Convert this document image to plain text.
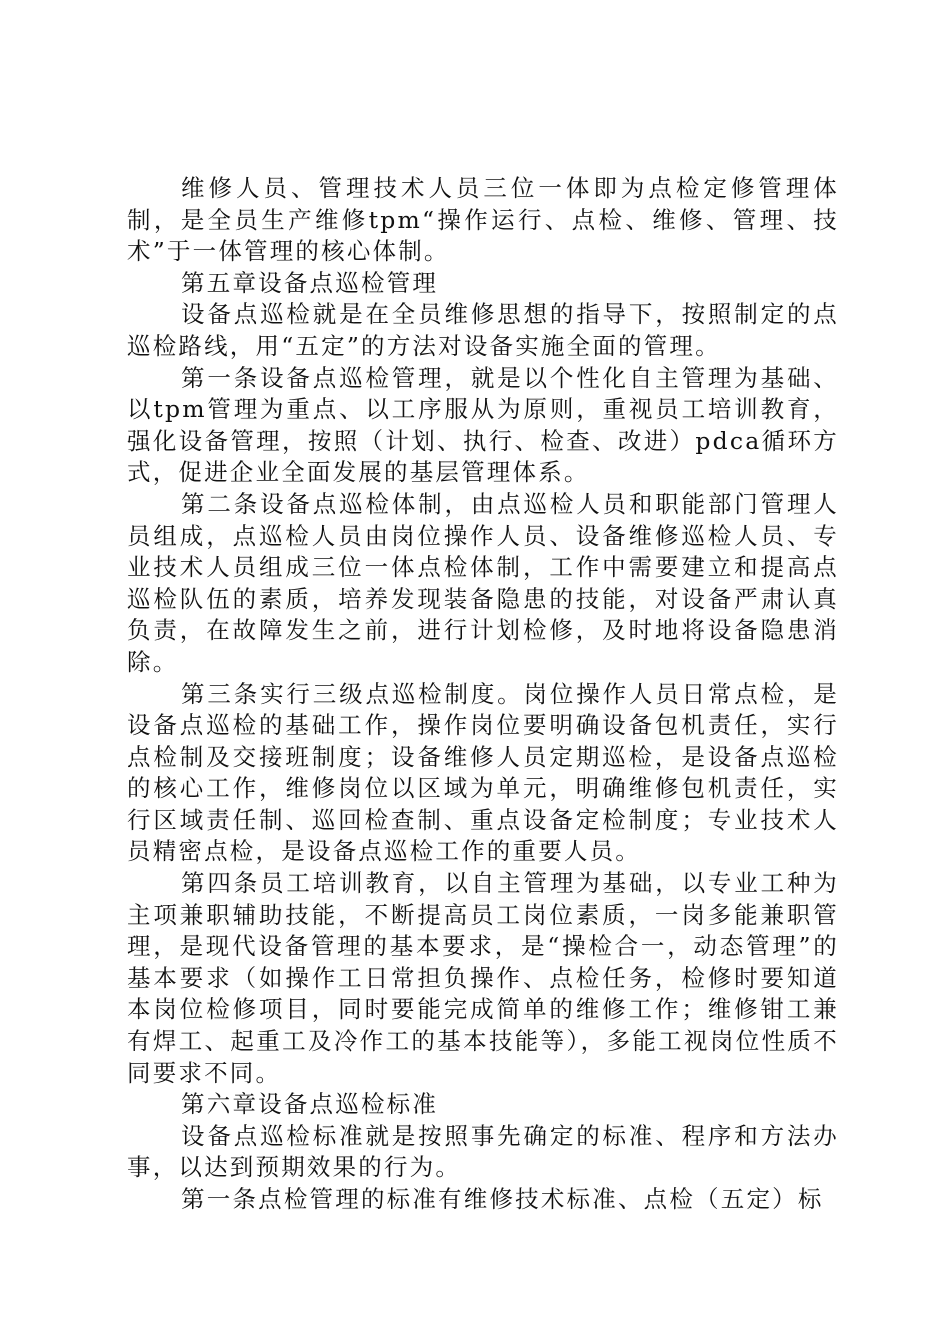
维修人员、管理技术人员三位一体即为点检定修管理体制，是全员生产维修tpm“操作运行、点检、维修、管理、技术”于一体管理的核心体制。

第五章设备点巡检管理

设备点巡检就是在全员维修思想的指导下，按照制定的点巡检路线，用“五定”的方法对设备实施全面的管理。

第一条设备点巡检管理，就是以个性化自主管理为基础、以tpm管理为重点、以工序服从为原则，重视员工培训教育，强化设备管理，按照（计划、执行、检查、改进）pdca循环方式，促进企业全面发展的基层管理体系。

第二条设备点巡检体制，由点巡检人员和职能部门管理人员组成，点巡检人员由岗位操作人员、设备维修巡检人员、专业技术人员组成三位一体点检体制，工作中需要建立和提高点巡检队伍的素质，培养发现装备隐患的技能，对设备严肃认真负责，在故障发生之前，进行计划检修，及时地将设备隐患消除。

第三条实行三级点巡检制度。岗位操作人员日常点检，是设备点巡检的基础工作，操作岗位要明确设备包机责任，实行点检制及交接班制度；设备维修人员定期巡检，是设备点巡检的核心工作，维修岗位以区域为单元，明确维修包机责任，实行区域责任制、巡回检查制、重点设备定检制度；专业技术人员精密点检，是设备点巡检工作的重要人员。

第四条员工培训教育，以自主管理为基础，以专业工种为主项兼职辅助技能，不断提高员工岗位素质，一岗多能兼职管理，是现代设备管理的基本要求，是“操检合一，动态管理”的基本要求（如操作工日常担负操作、点检任务，检修时要知道本岗位检修项目，同时要能完成简单的维修工作；维修钳工兼有焊工、起重工及冷作工的基本技能等），多能工视岗位性质不同要求不同。

第六章设备点巡检标准

设备点巡检标准就是按照事先确定的标准、程序和方法办事，以达到预期效果的行为。

第一条点检管理的标准有维修技术标准、点检（五定）标
